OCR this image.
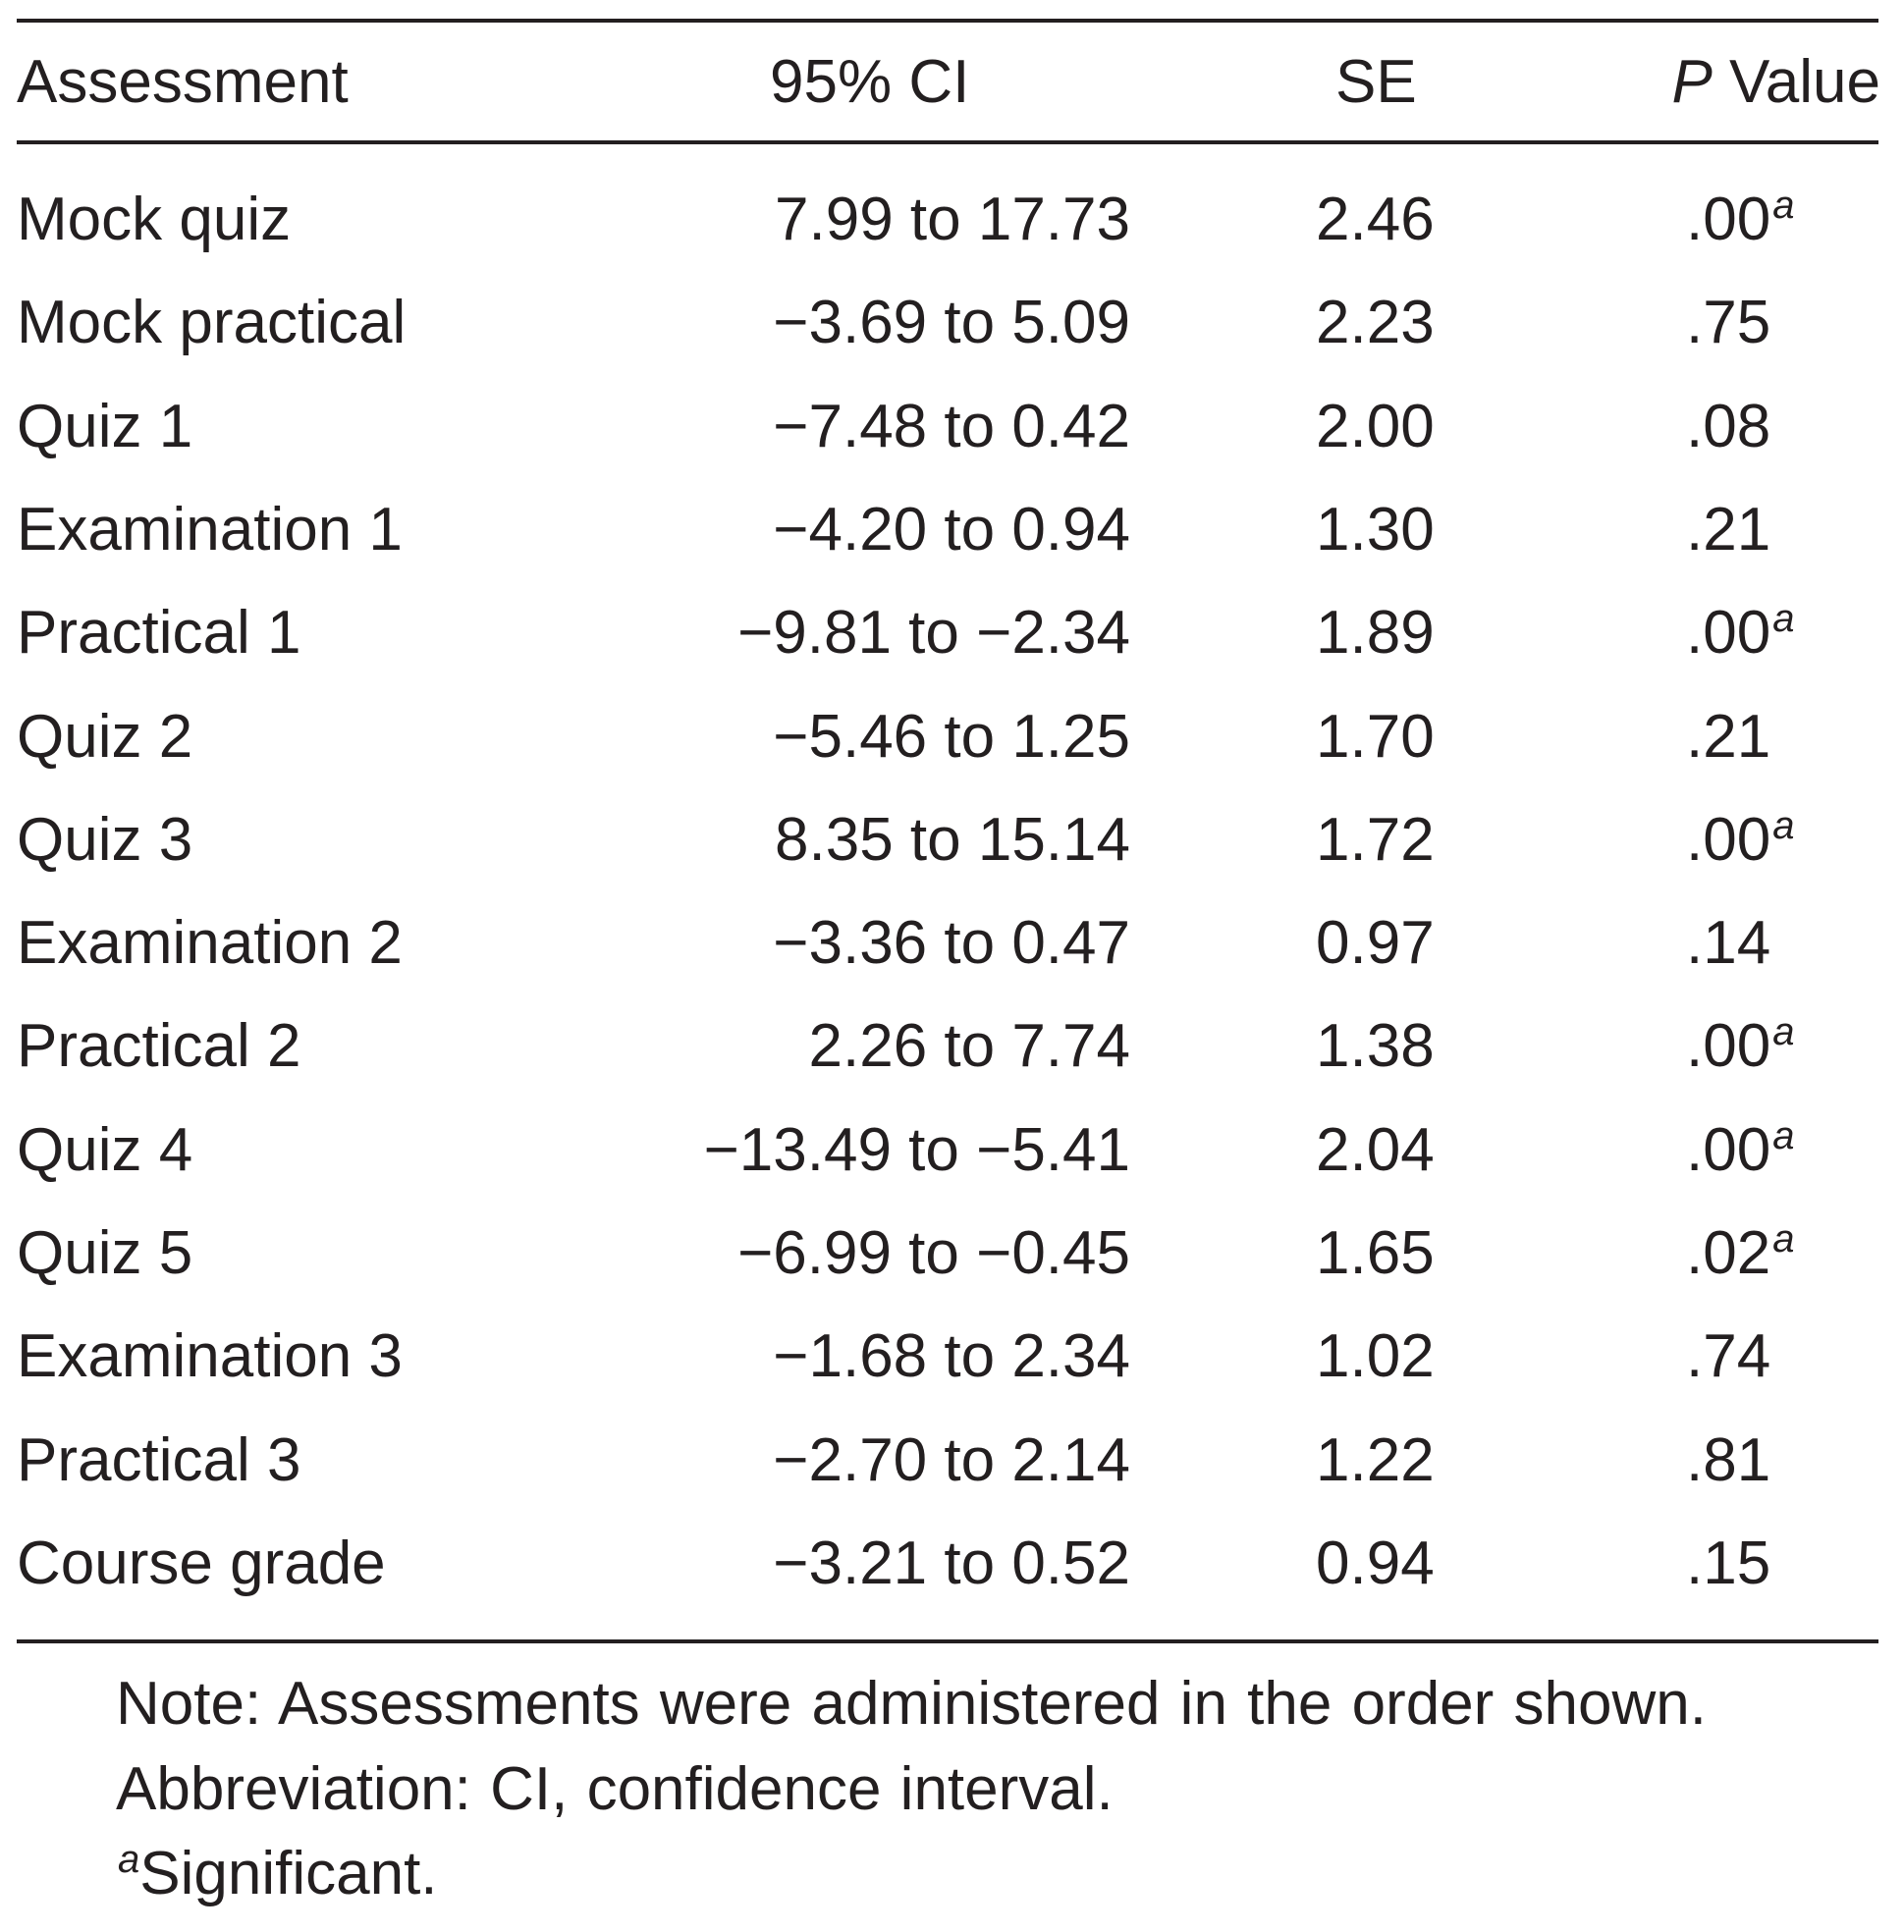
Assessment	95% CI	SE	P Value
Mock quiz	7.99 to 17.73	2.46	.00$^a$
Mock practical	−3.69 to 5.09	2.23	.75
Quiz 1	−7.48 to 0.42	2.00	.08
Examination 1	−4.20 to 0.94	1.30	.21
Practical 1	−9.81 to −2.34	1.89	.00$^a$
Quiz 2	−5.46 to 1.25	1.70	.21
Quiz 3	8.35 to 15.14	1.72	.00$^a$
Examination 2	−3.36 to 0.47	0.97	.14
Practical 2	2.26 to 7.74	1.38	.00$^a$
Quiz 4	−13.49 to −5.41	2.04	.00$^a$
Quiz 5	−6.99 to −0.45	1.65	.02$^a$
Examination 3	−1.68 to 2.34	1.02	.74
Practical 3	−2.70 to 2.14	1.22	.81
Course grade	−3.21 to 0.52	0.94	.15
Note: Assessments were administered in the order shown.
Abbreviation: CI, confidence interval.
$^a$Significant.
